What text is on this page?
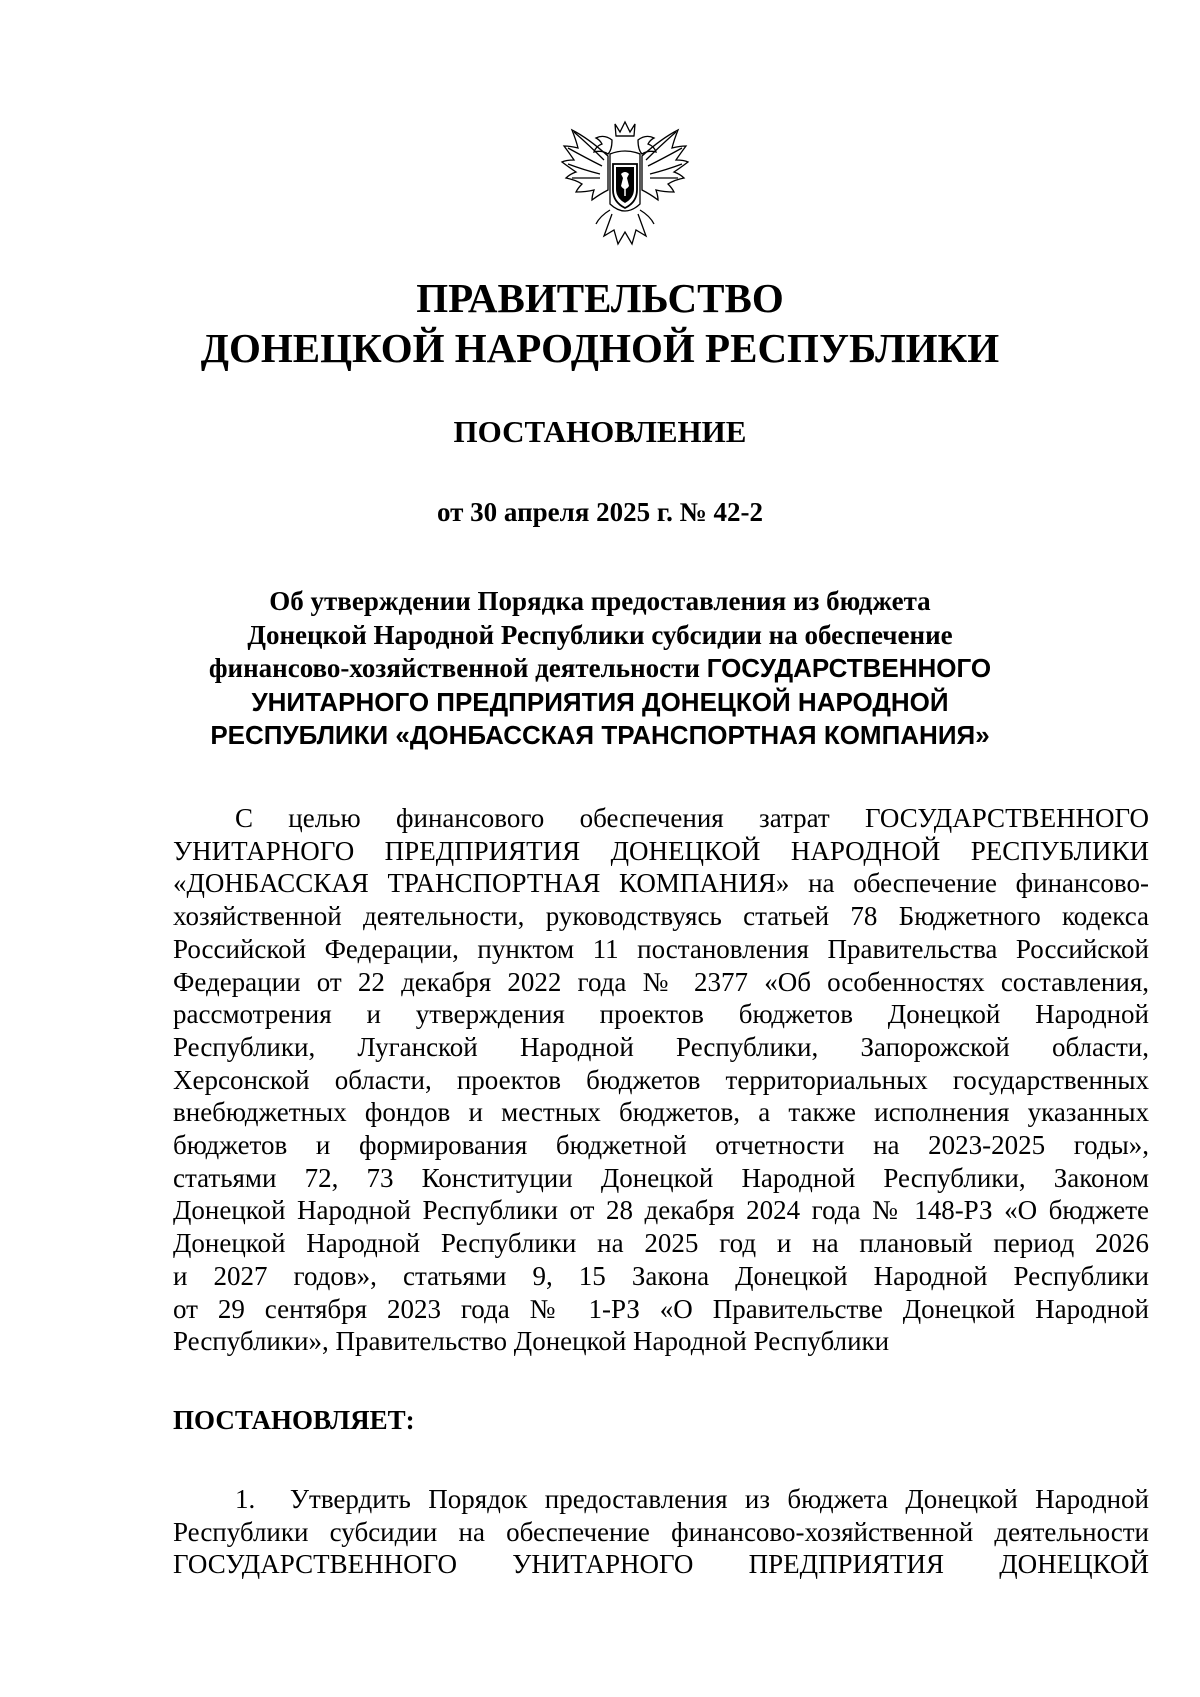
ПРАВИТЕЛЬСТВО
ДОНЕЦКОЙ НАРОДНОЙ РЕСПУБЛИКИ
ПОСТАНОВЛЕНИЕ

от 30 апреля 2025 г. № 42-2

Об утверждении Порядка предоставления из бюджета
Донецкой Народной Республики субсидии на обеспечение
финансово-хозяйственной деятельности ГОСУДАРСТВЕННОГО
УНИТАРНОГО ПРЕДПРИЯТИЯ ДОНЕЦКОЙ НАРОДНОЙ
РЕСПУБЛИКИ «ДОНБАССКАЯ ТРАНСПОРТНАЯ КОМПАНИЯ»
С целью финансового обеспечения затрат ГОСУДАРСТВЕННОГО
УНИТАРНОГО ПРЕДПРИЯТИЯ ДОНЕЦКОЙ НАРОДНОЙ РЕСПУБЛИКИ
«ДОНБАССКАЯ ТРАНСПОРТНАЯ КОМПАНИЯ» на обеспечение финансово-
хозяйственной деятельности, руководствуясь статьей 78 Бюджетного кодекса
Российской Федерации, пунктом 11 постановления Правительства Российской
Федерации от 22 декабря 2022 года № 2377 «Об особенностях составления,
рассмотрения и утверждения проектов бюджетов Донецкой Народной
Республики, Луганской Народной Республики, Запорожской области,
Херсонской области, проектов бюджетов территориальных государственных
внебюджетных фондов и местных бюджетов, а также исполнения указанных
бюджетов и формирования бюджетной отчетности на 2023-2025 годы»,
статьями 72, 73 Конституции Донецкой Народной Республики, Законом
Донецкой Народной Республики от 28 декабря 2024 года № 148-РЗ «О бюджете
Донецкой Народной Республики на 2025 год и на плановый период 2026
и 2027 годов», статьями 9, 15 Закона Донецкой Народной Республики
от 29 сентября 2023 года № 1-РЗ «О Правительстве Донецкой Народной
Республики», Правительство Донецкой Народной Республики

ПОСТАНОВЛЯЕТ:

1. Утвердить Порядок предоставления из бюджета Донецкой Народной
Республики субсидии на обеспечение финансово-хозяйственной деятельности
ГОСУДАРСТВЕННОГО УНИТАРНОГО ПРЕДПРИЯТИЯ ДОНЕЦКОЙ
